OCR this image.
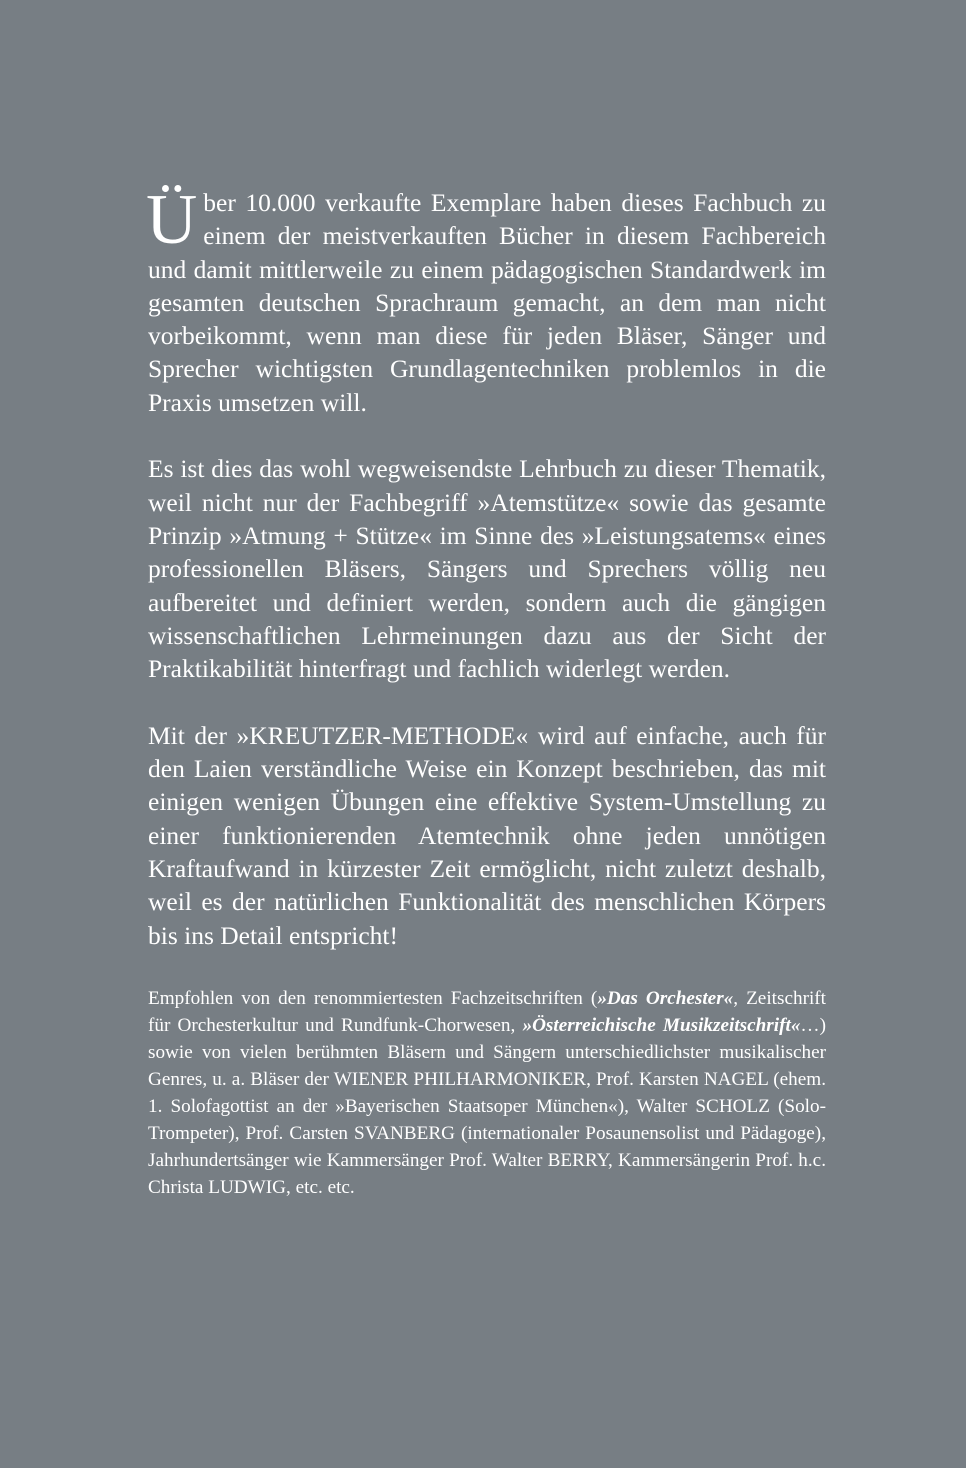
Über 10.000 verkaufte Exemplare haben dieses Fachbuch zu einem der meistverkauften Bücher in diesem Fachbereich und damit mittlerweile zu einem pädagogischen Standardwerk im gesamten deutschen Sprachraum gemacht, an dem man nicht vorbeikommt, wenn man diese für jeden Bläser, Sänger und Sprecher wichtigsten Grundlagentechniken problemlos in die Praxis umsetzen will.

Es ist dies das wohl wegweisendste Lehrbuch zu dieser Thematik, weil nicht nur der Fachbegriff »Atemstütze« sowie das gesamte Prinzip »Atmung + Stütze« im Sinne des »Leistungsatems« eines professionellen Bläsers, Sängers und Sprechers völlig neu aufbereitet und definiert werden, sondern auch die gängigen wissenschaftlichen Lehrmeinungen dazu aus der Sicht der Praktikabilität hinterfragt und fachlich widerlegt werden.

Mit der »KREUTZER-METHODE« wird auf einfache, auch für den Laien verständliche Weise ein Konzept beschrieben, das mit einigen wenigen Übungen eine effektive System-Umstellung zu einer funktionierenden Atemtechnik ohne jeden unnötigen Kraftaufwand in kürzester Zeit ermöglicht, nicht zuletzt deshalb, weil es der natürlichen Funktionalität des menschlichen Körpers bis ins Detail entspricht!

Empfohlen von den renommiertesten Fachzeitschriften (»Das Orchester«, Zeitschrift für Orchesterkultur und Rundfunk-Chorwesen, »Österreichische Musikzeitschrift«…) sowie von vielen berühmten Bläsern und Sängern unterschiedlichster musikalischer Genres, u. a. Bläser der WIENER PHILHARMONIKER, Prof. Karsten NAGEL (ehem. 1. Solofagottist an der »Bayerischen Staatsoper München«), Walter SCHOLZ (Solo-Trompeter), Prof. Carsten SVANBERG (internationaler Posaunensolist und Pädagoge), Jahrhundertsänger wie Kammersänger Prof. Walter BERRY, Kammersängerin Prof. h.c. Christa LUDWIG, etc. etc.
